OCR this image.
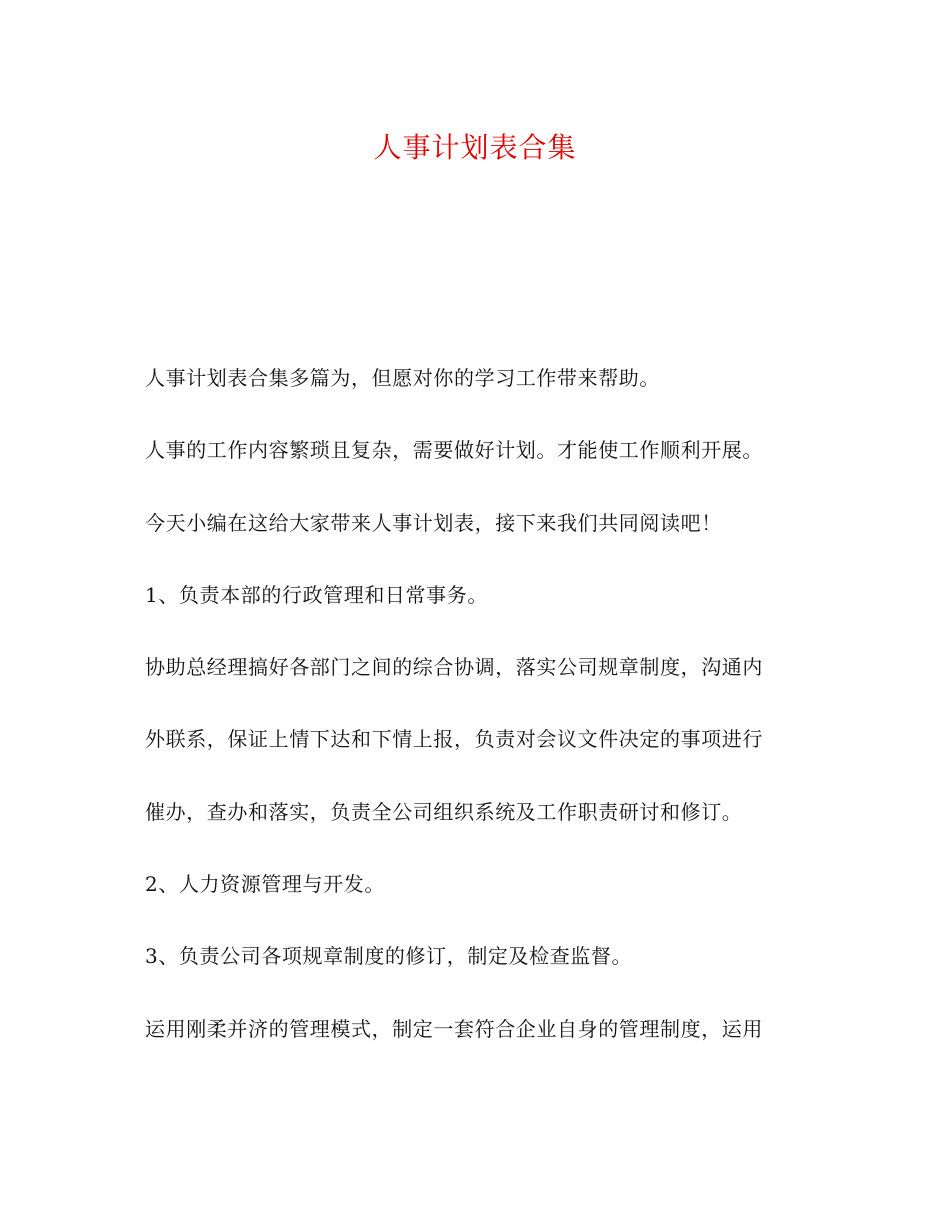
人事计划表合集
人事计划表合集多篇为，但愿对你的学习工作带来帮助。
人事的工作内容繁琐且复杂，需要做好计划。才能使工作顺利开展。
今天小编在这给大家带来人事计划表，接下来我们共同阅读吧！
1、负责本部的行政管理和日常事务。
协助总经理搞好各部门之间的综合协调，落实公司规章制度，沟通内
外联系，保证上情下达和下情上报，负责对会议文件决定的事项进行
催办，查办和落实，负责全公司组织系统及工作职责研讨和修订。
2、人力资源管理与开发。
3、负责公司各项规章制度的修订，制定及检查监督。
运用刚柔并济的管理模式，制定一套符合企业自身的管理制度，运用
